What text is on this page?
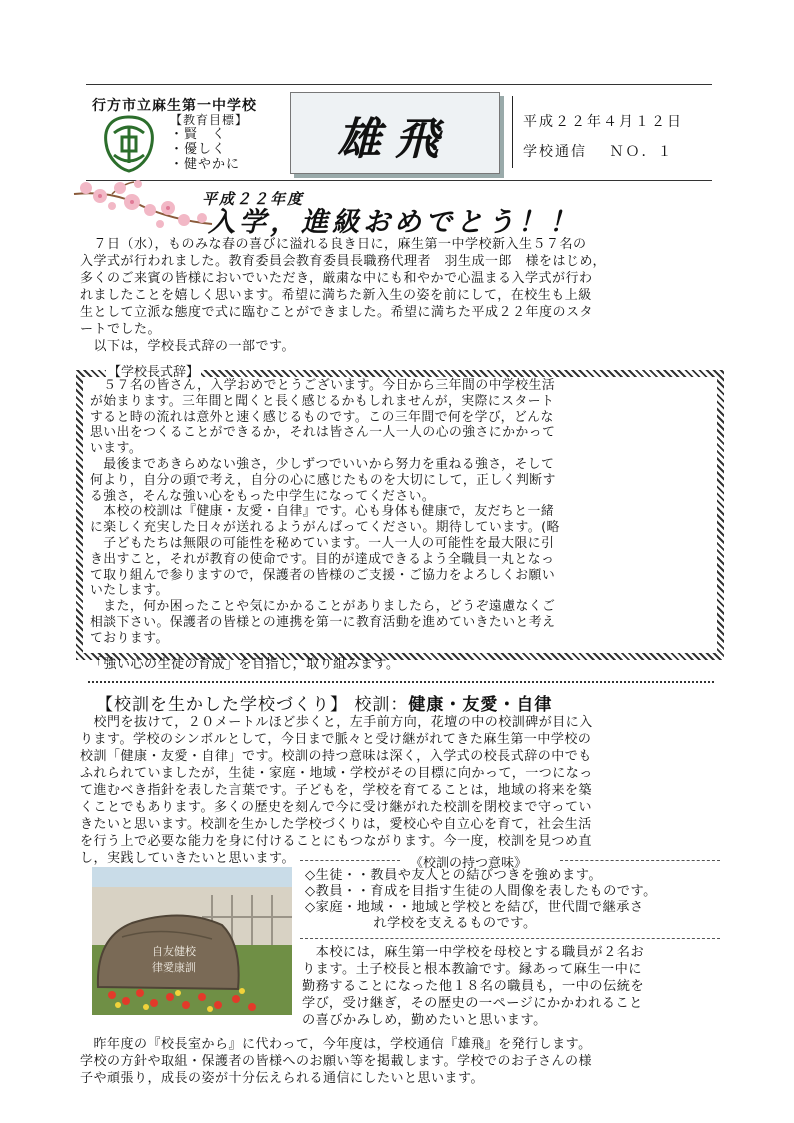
行方市立麻生第一中学校
【教育目標】
・賢　く
・優しく
・健やかに	雄飛	平成２２年４月１２日
学校通信　 ＮＯ．１
平成２２年度
入学，進級おめでとう！！
　７日（水），ものみな春の喜びに溢れる良き日に，麻生第一中学校新入生５７名の
入学式が行われました。教育委員会教育委員長職務代理者　羽生成一郎　様をはじめ，
多くのご来賓の皆様においでいただき，厳粛な中にも和やかで心温まる入学式が行わ
れましたことを嬉しく思います。希望に満ちた新入生の姿を前にして，在校生も上級
生として立派な態度で式に臨むことができました。希望に満ちた平成２２年度のスタ
ートでした。
　以下は，学校長式辞の一部です。
【学校長式辞】
　５７名の皆さん，入学おめでとうございます。今日から三年間の中学校生活
が始まります。三年間と聞くと長く感じるかもしれませんが，実際にスタート
すると時の流れは意外と速く感じるものです。この三年間で何を学び，どんな
思い出をつくることができるか，それは皆さん一人一人の心の強さにかかって
います。
　最後まであきらめない強さ，少しずつでいいから努力を重ねる強さ，そして
何より，自分の頭で考え，自分の心に感じたものを大切にして，正しく判断す
る強さ，そんな強い心をもった中学生になってください。
　本校の校訓は『健康・友愛・自律』です。心も身体も健康で，友だちと一緒
に楽しく充実した日々が送れるようがんばってください。期待しています。(略
　子どもたちは無限の可能性を秘めています。一人一人の可能性を最大限に引
き出すこと，それが教育の使命です。目的が達成できるよう全職員一丸となっ
て取り組んで参りますので，保護者の皆様のご支援・ご協力をよろしくお願い
いたします。
　また，何か困ったことや気にかかることがありましたら，どうぞ遠慮なくご
相談下さい。保護者の皆様との連携を第一に教育活動を進めていきたいと考え
ております。
「強い心の生徒の育成」を目指し，取り組みます。
【校訓を生かした学校づくり】 校訓：健康・友愛・自律
　校門を抜けて，２０メートルほど歩くと，左手前方向，花壇の中の校訓碑が目に入
ります。学校のシンボルとして，今日まで脈々と受け継がれてきた麻生第一中学校の
校訓「健康・友愛・自律」です。校訓の持つ意味は深く，入学式の校長式辞の中でも
ふれられていましたが，生徒・家庭・地域・学校がその目標に向かって，一つになっ
て進むべき指針を表した言葉です。子どもを，学校を育てることは，地域の将来を築
くことでもあります。多くの歴史を刻んで今に受け継がれた校訓を閉校まで守ってい
きたいと思います。校訓を生かした学校づくりは，愛校心や自立心を育て，社会生活
を行う上で必要な能力を身に付けることにもつながります。今一度，校訓を見つめ直
し，実践していきたいと思います。
自友健校
律愛康訓
《校訓の持つ意味》
◇生徒・・教員や友人との結びつきを強めます。
◇教員・・育成を目指す生徒の人間像を表したものです。
◇家庭・地域・・地域と学校とを結び，世代間で継承さ
　　　　　れ学校を支えるものです。
　本校には，麻生第一中学校を母校とする職員が２名お
ります。土子校長と根本教諭です。縁あって麻生一中に
勤務することになった他１８名の職員も，一中の伝統を
学び，受け継ぎ，その歴史の一ページにかかわれること
の喜びかみしめ，勤めたいと思います。
　昨年度の『校長室から』に代わって，今年度は，学校通信『雄飛』を発行します。
学校の方針や取組・保護者の皆様へのお願い等を掲載します。学校でのお子さんの様
子や頑張り，成長の姿が十分伝えられる通信にしたいと思います。
